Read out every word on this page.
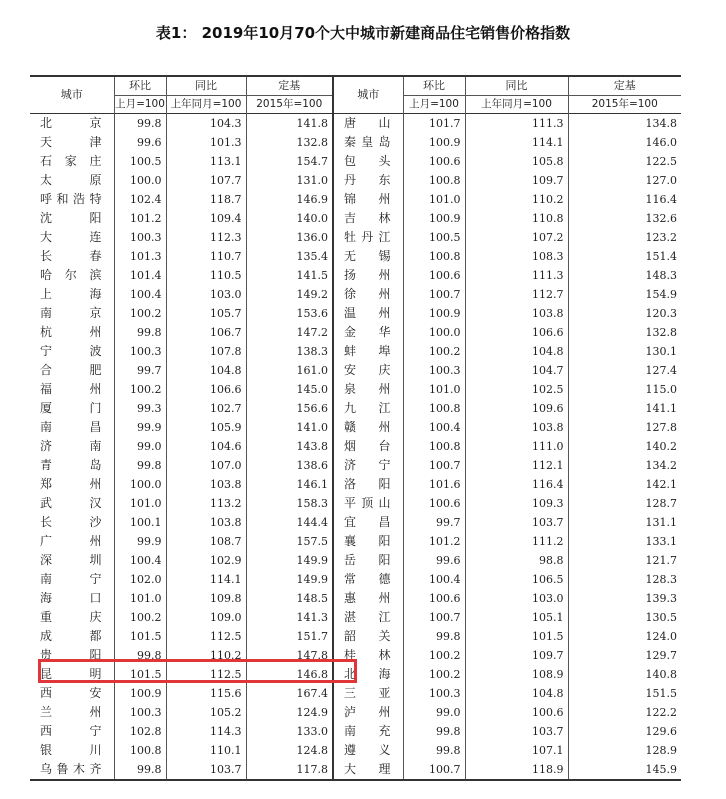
表1： 2019年10月70个大中城市新建商品住宅销售价格指数
城市	环比	同比	定基	城市	环比	同比	定基
	上月=100	上年同月=100	2015年=100		上月=100	上年同月=100	2015年=100
北京	99.8	104.3	141.8	唐山	101.7	111.3	134.8
天津	99.6	101.3	132.8	秦皇岛	100.9	114.1	146.0
石家庄	100.5	113.1	154.7	包头	100.6	105.8	122.5
太原	100.0	107.7	131.0	丹东	100.8	109.7	127.0
呼和浩特	102.4	118.7	146.9	锦州	101.0	110.2	116.4
沈阳	101.2	109.4	140.0	吉林	100.9	110.8	132.6
大连	100.3	112.3	136.0	牡丹江	100.5	107.2	123.2
长春	101.3	110.7	135.4	无锡	100.8	108.3	151.4
哈尔滨	101.4	110.5	141.5	扬州	100.6	111.3	148.3
上海	100.4	103.0	149.2	徐州	100.7	112.7	154.9
南京	100.2	105.7	153.6	温州	100.9	103.8	120.3
杭州	99.8	106.7	147.2	金华	100.0	106.6	132.8
宁波	100.3	107.8	138.3	蚌埠	100.2	104.8	130.1
合肥	99.7	104.8	161.0	安庆	100.3	104.7	127.4
福州	100.2	106.6	145.0	泉州	101.0	102.5	115.0
厦门	99.3	102.7	156.6	九江	100.8	109.6	141.1
南昌	99.9	105.9	141.0	赣州	100.4	103.8	127.8
济南	99.0	104.6	143.8	烟台	100.8	111.0	140.2
青岛	99.8	107.0	138.6	济宁	100.7	112.1	134.2
郑州	100.0	103.8	146.1	洛阳	101.6	116.4	142.1
武汉	101.0	113.2	158.3	平顶山	100.6	109.3	128.7
长沙	100.1	103.8	144.4	宜昌	99.7	103.7	131.1
广州	99.9	108.7	157.5	襄阳	101.2	111.2	133.1
深圳	100.4	102.9	149.9	岳阳	99.6	98.8	121.7
南宁	102.0	114.1	149.9	常德	100.4	106.5	128.3
海口	101.0	109.8	148.5	惠州	100.6	103.0	139.3
重庆	100.2	109.0	141.3	湛江	100.7	105.1	130.5
成都	101.5	112.5	151.7	韶关	99.8	101.5	124.0
贵阳	99.8	110.2	147.8	桂林	100.2	109.7	129.7
昆明	101.5	112.5	146.8	北海	100.2	108.9	140.8
西安	100.9	115.6	167.4	三亚	100.3	104.8	151.5
兰州	100.3	105.2	124.9	泸州	99.0	100.6	122.2
西宁	102.8	114.3	133.0	南充	99.8	103.7	129.6
银川	100.8	110.1	124.8	遵义	99.8	107.1	128.9
乌鲁木齐	99.8	103.7	117.8	大理	100.7	118.9	145.9
